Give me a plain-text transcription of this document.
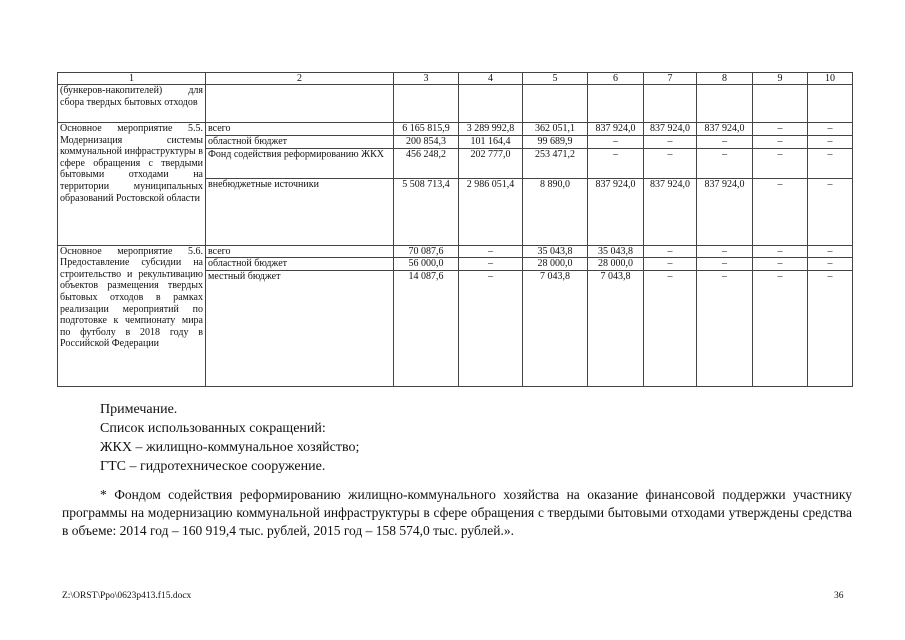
1	2	3	4	5	6	7	8	9	10
(бункеров-накопителей) для сбора твердых бытовых отходов									
Основное мероприятие 5.5. Модернизация системы коммунальной инфраструктуры в сфере обращения с твердыми бытовыми отходами на территории муниципальных образований Ростовской области	всего	6 165 815,9	3 289 992,8	362 051,1	837 924,0	837 924,0	837 924,0	–	–
	областной бюджет	200 854,3	101 164,4	99 689,9	–	–	–	–	–
	Фонд содействия реформированию ЖКХ	456 248,2	202 777,0	253 471,2	–	–	–	–	–
	внебюджетные источники	5 508 713,4	2 986 051,4	8 890,0	837 924,0	837 924,0	837 924,0	–	–
Основное мероприятие 5.6. Предоставление субсидии на строительство и рекультивацию объектов размещения твердых бытовых отходов в рамках реализации мероприятий по подготовке к чемпионату мира по футболу в 2018 году в Российской Федерации	всего	70 087,6	–	35 043,8	35 043,8	–	–	–	–
	областной бюджет	56 000,0	–	28 000,0	28 000,0	–	–	–	–
	местный бюджет	14 087,6	–	7 043,8	7 043,8	–	–	–	–
Примечание.
Список использованных сокращений:
ЖКХ – жилищно-коммунальное хозяйство;
ГТС – гидротехническое сооружение.
* Фондом содействия реформированию жилищно-коммунального хозяйства на оказание финансовой поддержки участнику программы на модернизацию коммунальной инфраструктуры в сфере обращения с твердыми бытовыми отходами утверждены средства в объеме: 2014 год – 160 919,4 тыс. рублей, 2015 год – 158 574,0 тыс. рублей.».
Z:\ORST\Ppo\0623p413.f15.docx	36
